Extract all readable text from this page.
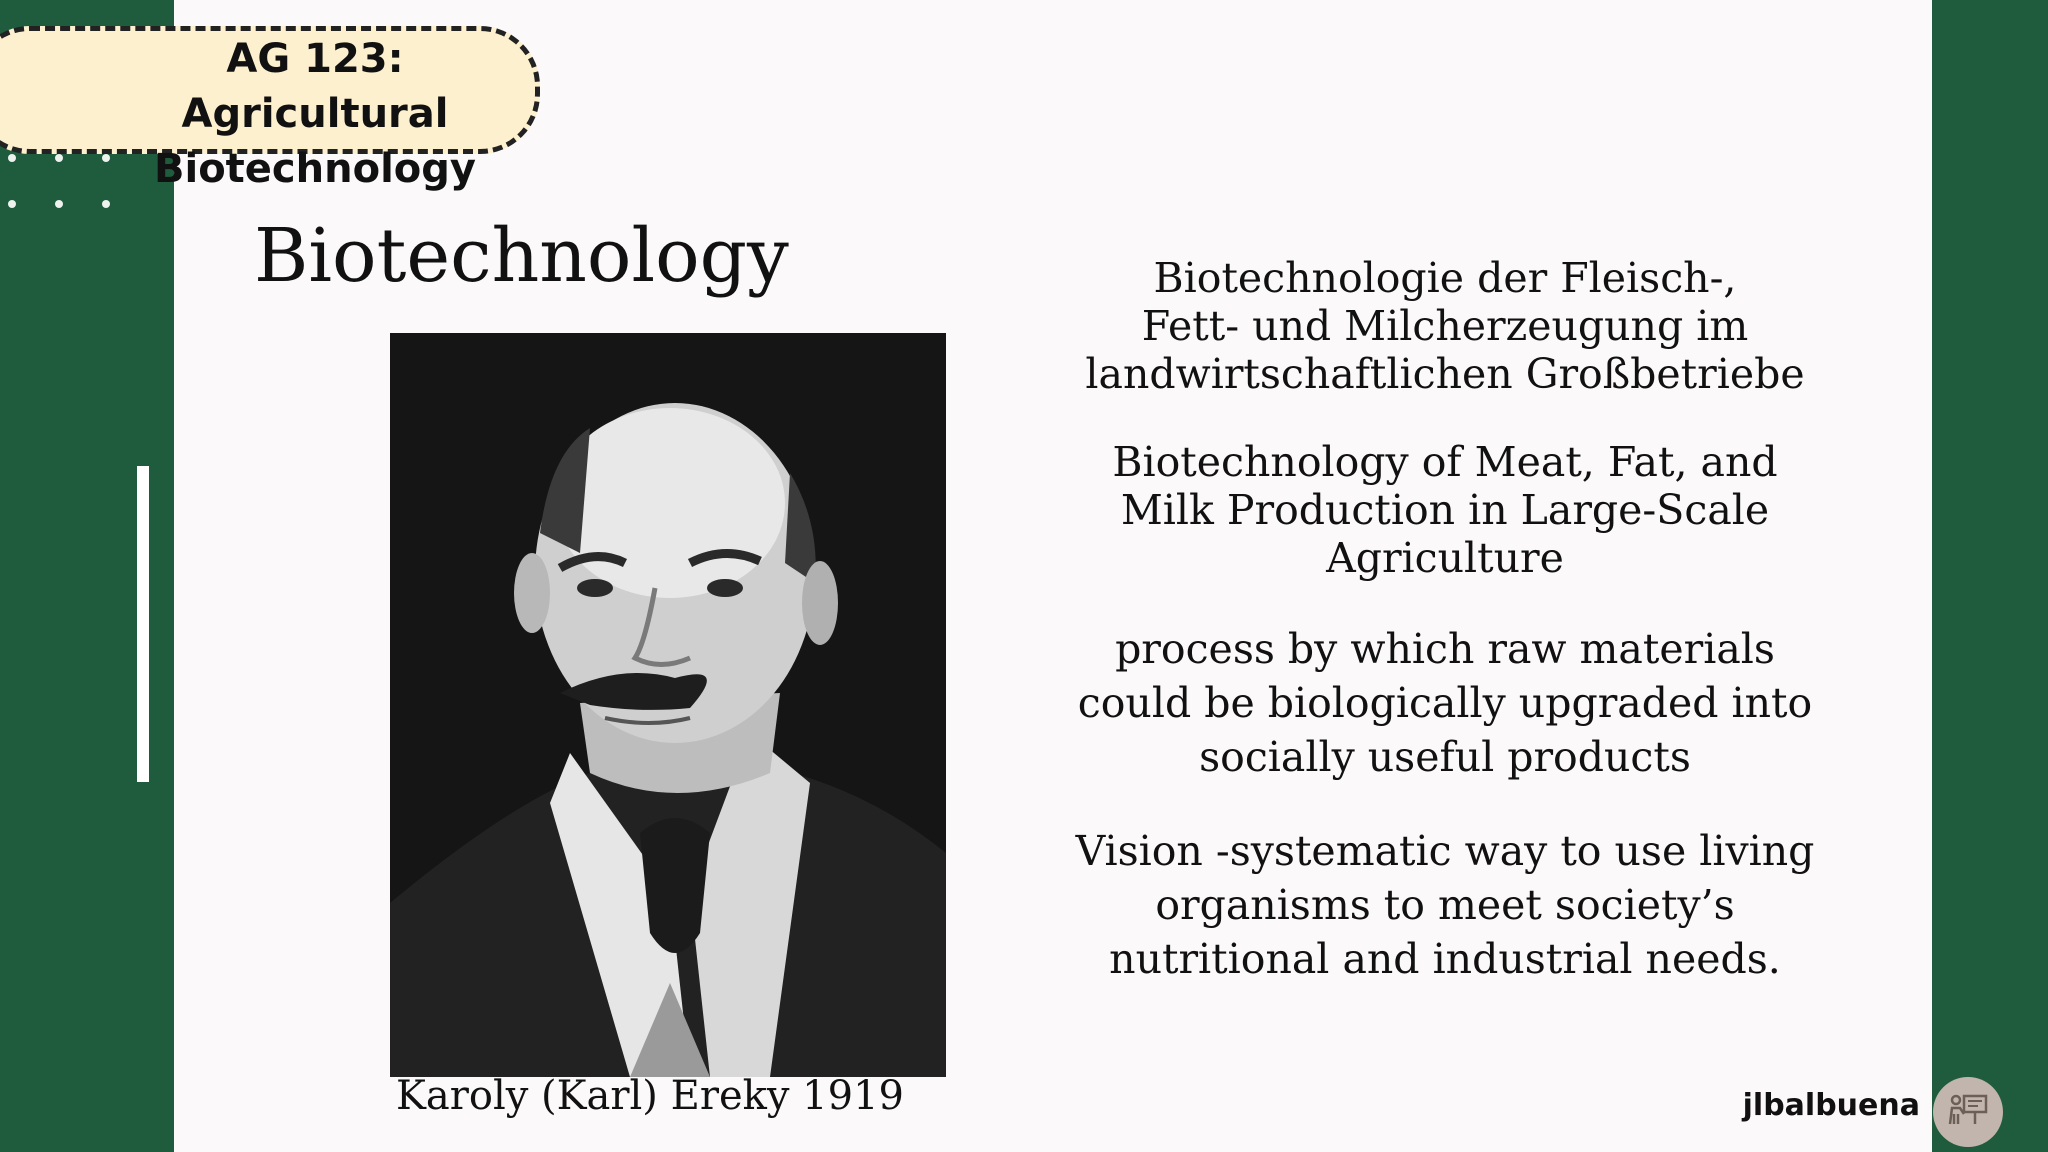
AG 123: Agricultural
Biotechnology
Biotechnology
Karoly (Karl) Ereky 1919
Biotechnologie der Fleisch-,
Fett- und Milcherzeugung im
landwirtschaftlichen Großbetriebe
Biotechnology of Meat, Fat, and
Milk Production in Large-Scale
Agriculture
process by which raw materials
could be biologically upgraded into
socially useful products
Vision -systematic way to use living
organisms to meet society’s
nutritional and industrial needs.
jlbalbuena
